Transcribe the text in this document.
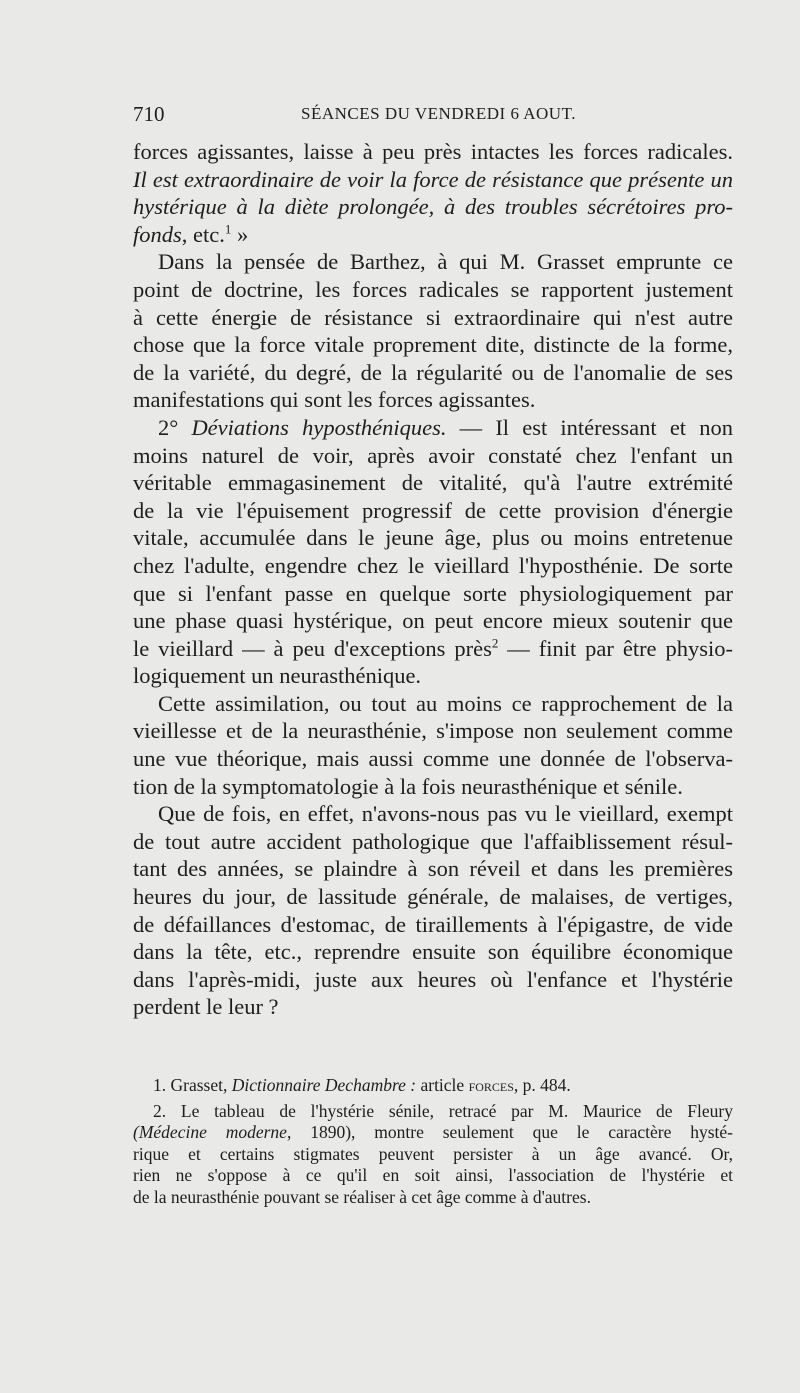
710	SÉANCES DU VENDREDI 6 AOUT.

forces agissantes, laisse à peu près intactes les forces radicales.
Il est extraordinaire de voir la force de résistance que présente un
hystérique à la diète prolongée, à des troubles sécrétoires pro-
fonds, etc.$^1$ »

Dans la pensée de Barthez, à qui M. Grasset emprunte ce
point de doctrine, les forces radicales se rapportent justement
à cette énergie de résistance si extraordinaire qui n'est autre
chose que la force vitale proprement dite, distincte de la forme,
de la variété, du degré, de la régularité ou de l'anomalie de ses
manifestations qui sont les forces agissantes.

2° Déviations hyposthéniques. — Il est intéressant et non
moins naturel de voir, après avoir constaté chez l'enfant un
véritable emmagasinement de vitalité, qu'à l'autre extrémité
de la vie l'épuisement progressif de cette provision d'énergie
vitale, accumulée dans le jeune âge, plus ou moins entretenue
chez l'adulte, engendre chez le vieillard l'hyposthénie. De sorte
que si l'enfant passe en quelque sorte physiologiquement par
une phase quasi hystérique, on peut encore mieux soutenir que
le vieillard — à peu d'exceptions près$^2$ — finit par être physio-
logiquement un neurasthénique.

Cette assimilation, ou tout au moins ce rapprochement de la
vieillesse et de la neurasthénie, s'impose non seulement comme
une vue théorique, mais aussi comme une donnée de l'observa-
tion de la symptomatologie à la fois neurasthénique et sénile.

Que de fois, en effet, n'avons-nous pas vu le vieillard, exempt
de tout autre accident pathologique que l'affaiblissement résul-
tant des années, se plaindre à son réveil et dans les premières
heures du jour, de lassitude générale, de malaises, de vertiges,
de défaillances d'estomac, de tiraillements à l'épigastre, de vide
dans la tête, etc., reprendre ensuite son équilibre économique
dans l'après-midi, juste aux heures où l'enfance et l'hystérie
perdent le leur ?

1. Grasset, Dictionnaire Dechambre : article forces, p. 484.
2. Le tableau de l'hystérie sénile, retracé par M. Maurice de Fleury
(Médecine moderne, 1890), montre seulement que le caractère hysté-
rique et certains stigmates peuvent persister à un âge avancé. Or,
rien ne s'oppose à ce qu'il en soit ainsi, l'association de l'hystérie et
de la neurasthénie pouvant se réaliser à cet âge comme à d'autres.
